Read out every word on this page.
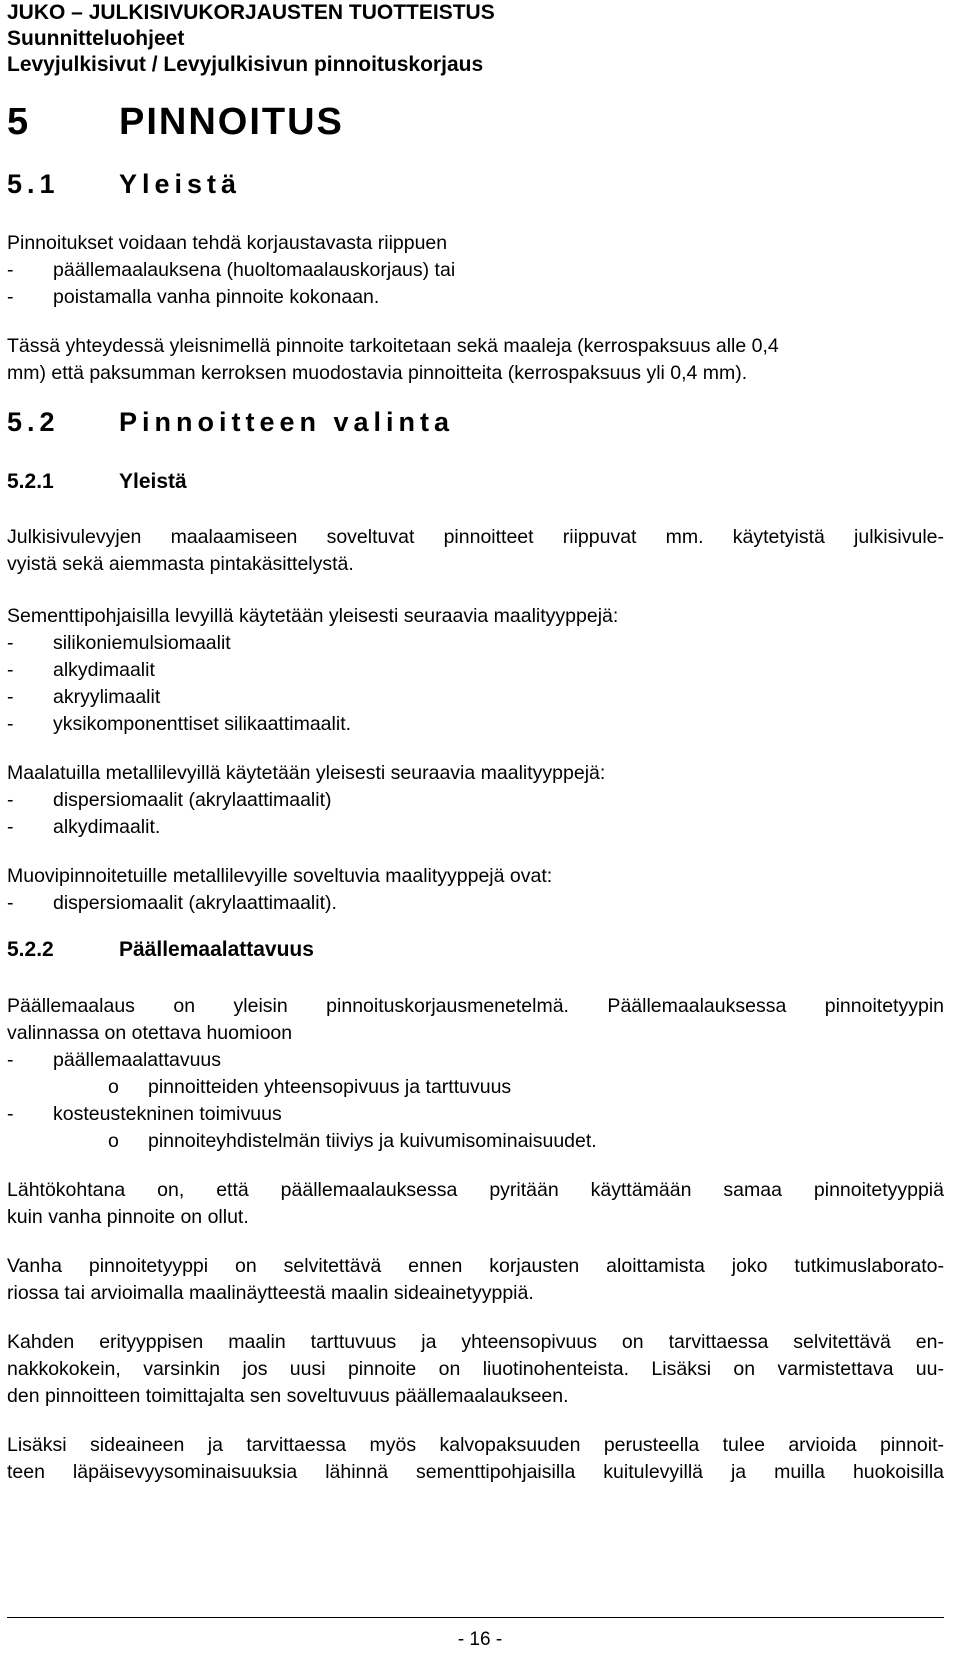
JUKO – JULKISIVUKORJAUSTEN TUOTTEISTUS
Suunnitteluohjeet
Levyjulkisivut / Levyjulkisivun pinnoituskorjaus
5 PINNOITUS
5.1 Yleistä
Pinnoitukset voidaan tehdä korjaustavasta riippuen
- päällemaalauksena (huoltomaalauskorjaus) tai
- poistamalla vanha pinnoite kokonaan.
Tässä yhteydessä yleisnimellä pinnoite tarkoitetaan sekä maaleja (kerrospaksuus alle 0,4
mm) että paksumman kerroksen muodostavia pinnoitteita (kerrospaksuus yli 0,4 mm).
5.2 Pinnoitteen valinta
5.2.1	Yleistä
Julkisivulevyjen maalaamiseen soveltuvat pinnoitteet riippuvat mm. käytetyistä julkisivule-
vyistä sekä aiemmasta pintakäsittelystä.
Sementtipohjaisilla levyillä käytetään yleisesti seuraavia maalityyppejä:
- silikoniemulsiomaalit
- alkydimaalit
- akryylimaalit
- yksikomponenttiset silikaattimaalit.
Maalatuilla metallilevyillä käytetään yleisesti seuraavia maalityyppejä:
- dispersiomaalit (akrylaattimaalit)
- alkydimaalit.
Muovipinnoitetuille metallilevyille soveltuvia maalityyppejä ovat:
- dispersiomaalit (akrylaattimaalit).
5.2.2	Päällemaalattavuus
Päällemaalaus on yleisin pinnoituskorjausmenetelmä. Päällemaalauksessa pinnoitetyypin
valinnassa on otettava huomioon
- päällemaalattavuus
o pinnoitteiden yhteensopivuus ja tarttuvuus
- kosteustekninen toimivuus
o pinnoiteyhdistelmän tiiviys ja kuivumisominaisuudet.
Lähtökohtana on, että päällemaalauksessa pyritään käyttämään samaa pinnoitetyyppiä
kuin vanha pinnoite on ollut.
Vanha pinnoitetyyppi on selvitettävä ennen korjausten aloittamista joko tutkimuslaborato-
riossa tai arvioimalla maalinäytteestä maalin sideainetyyppiä.
Kahden erityyppisen maalin tarttuvuus ja yhteensopivuus on tarvittaessa selvitettävä en-
nakkokokein, varsinkin jos uusi pinnoite on liuotinohenteista. Lisäksi on varmistettava uu-
den pinnoitteen toimittajalta sen soveltuvuus päällemaalaukseen.
Lisäksi sideaineen ja tarvittaessa myös kalvopaksuuden perusteella tulee arvioida pinnoit-
teen läpäisevyysominaisuuksia lähinnä sementtipohjaisilla kuitulevyillä ja muilla huokoisilla
- 16 -
